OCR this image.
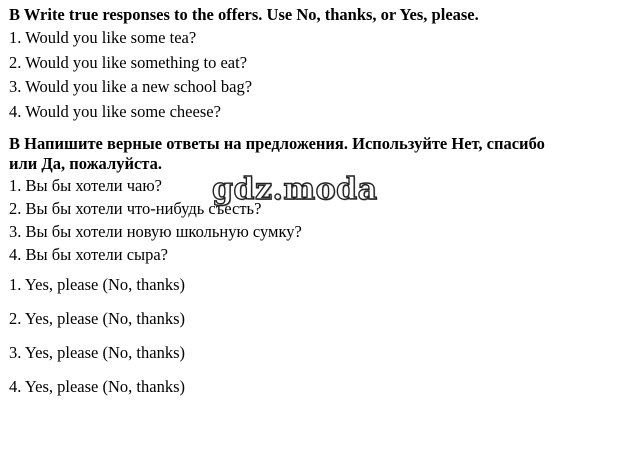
B Write true responses to the offers. Use No, thanks, or Yes, please.

1. Would you like some tea?

2. Would you like something to eat?

3. Would you like a new school bag?

4. Would you like some cheese?

B Напишите верные ответы на предложения. Используйте Нет, спасибо

или Да, пожалуйста.

1. Вы бы хотели чаю?

2. Вы бы хотели что-нибудь съесть?

3. Вы бы хотели новую школьную сумку?

4. Вы бы хотели сыра?

1. Yes, please (No, thanks)

2. Yes, please (No, thanks)

3. Yes, please (No, thanks)

4. Yes, please (No, thanks)

gdz.moda
